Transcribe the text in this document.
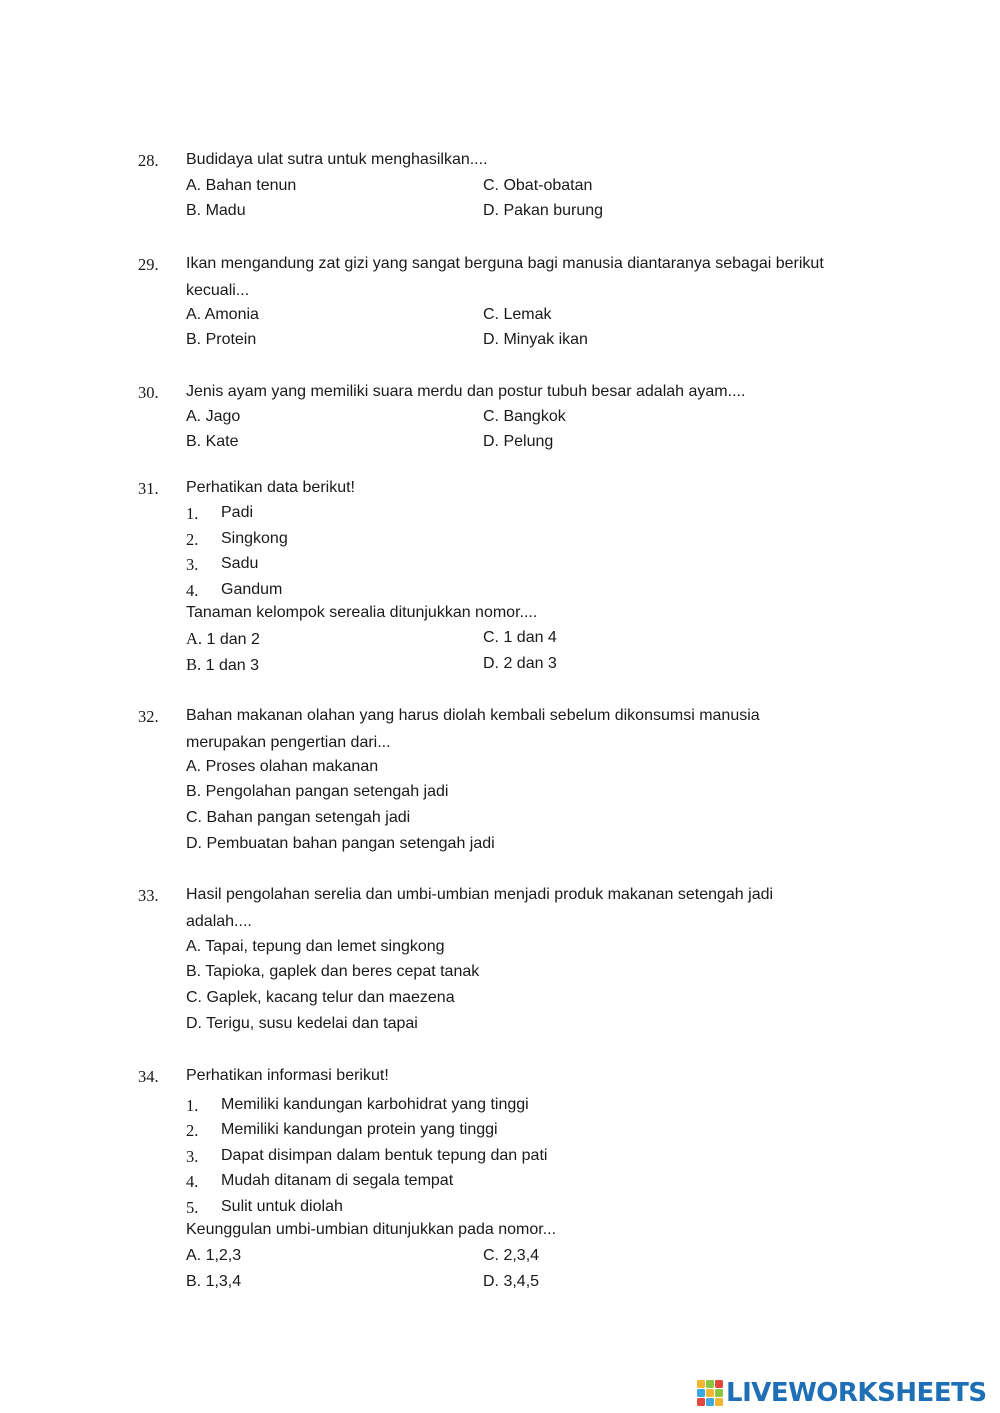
28. Budidaya ulat sutra untuk menghasilkan....
A. Bahan tenun	C. Obat-obatan
B. Madu	D. Pakan burung
29. Ikan mengandung zat gizi yang sangat berguna bagi manusia diantaranya sebagai berikut
kecuali...
A. Amonia	C. Lemak
B. Protein	D. Minyak ikan
30. Jenis ayam yang memiliki suara merdu dan postur tubuh besar adalah ayam....
A. Jago	C. Bangkok
B. Kate	D. Pelung
31. Perhatikan data berikut!
1. Padi
2. Singkong
3. Sadu
4. Gandum
Tanaman kelompok serealia ditunjukkan nomor....
A. 1 dan 2	C. 1 dan 4
B. 1 dan 3	D. 2 dan 3
32. Bahan makanan olahan yang harus diolah kembali sebelum dikonsumsi manusia
merupakan pengertian dari...
A. Proses olahan makanan
B. Pengolahan pangan setengah jadi
C. Bahan pangan setengah jadi
D. Pembuatan bahan pangan setengah jadi
33. Hasil pengolahan serelia dan umbi-umbian menjadi produk makanan setengah jadi
adalah....
A. Tapai, tepung dan lemet singkong
B. Tapioka, gaplek dan beres cepat tanak
C. Gaplek, kacang telur dan maezena
D. Terigu, susu kedelai dan tapai
34. Perhatikan informasi berikut!
1. Memiliki kandungan karbohidrat yang tinggi
2. Memiliki kandungan protein yang tinggi
3. Dapat disimpan dalam bentuk tepung dan pati
4. Mudah ditanam di segala tempat
5. Sulit untuk diolah
Keunggulan umbi-umbian ditunjukkan pada nomor...
A. 1,2,3	C. 2,3,4
B. 1,3,4	D. 3,4,5
LIVEWORKSHEETS
